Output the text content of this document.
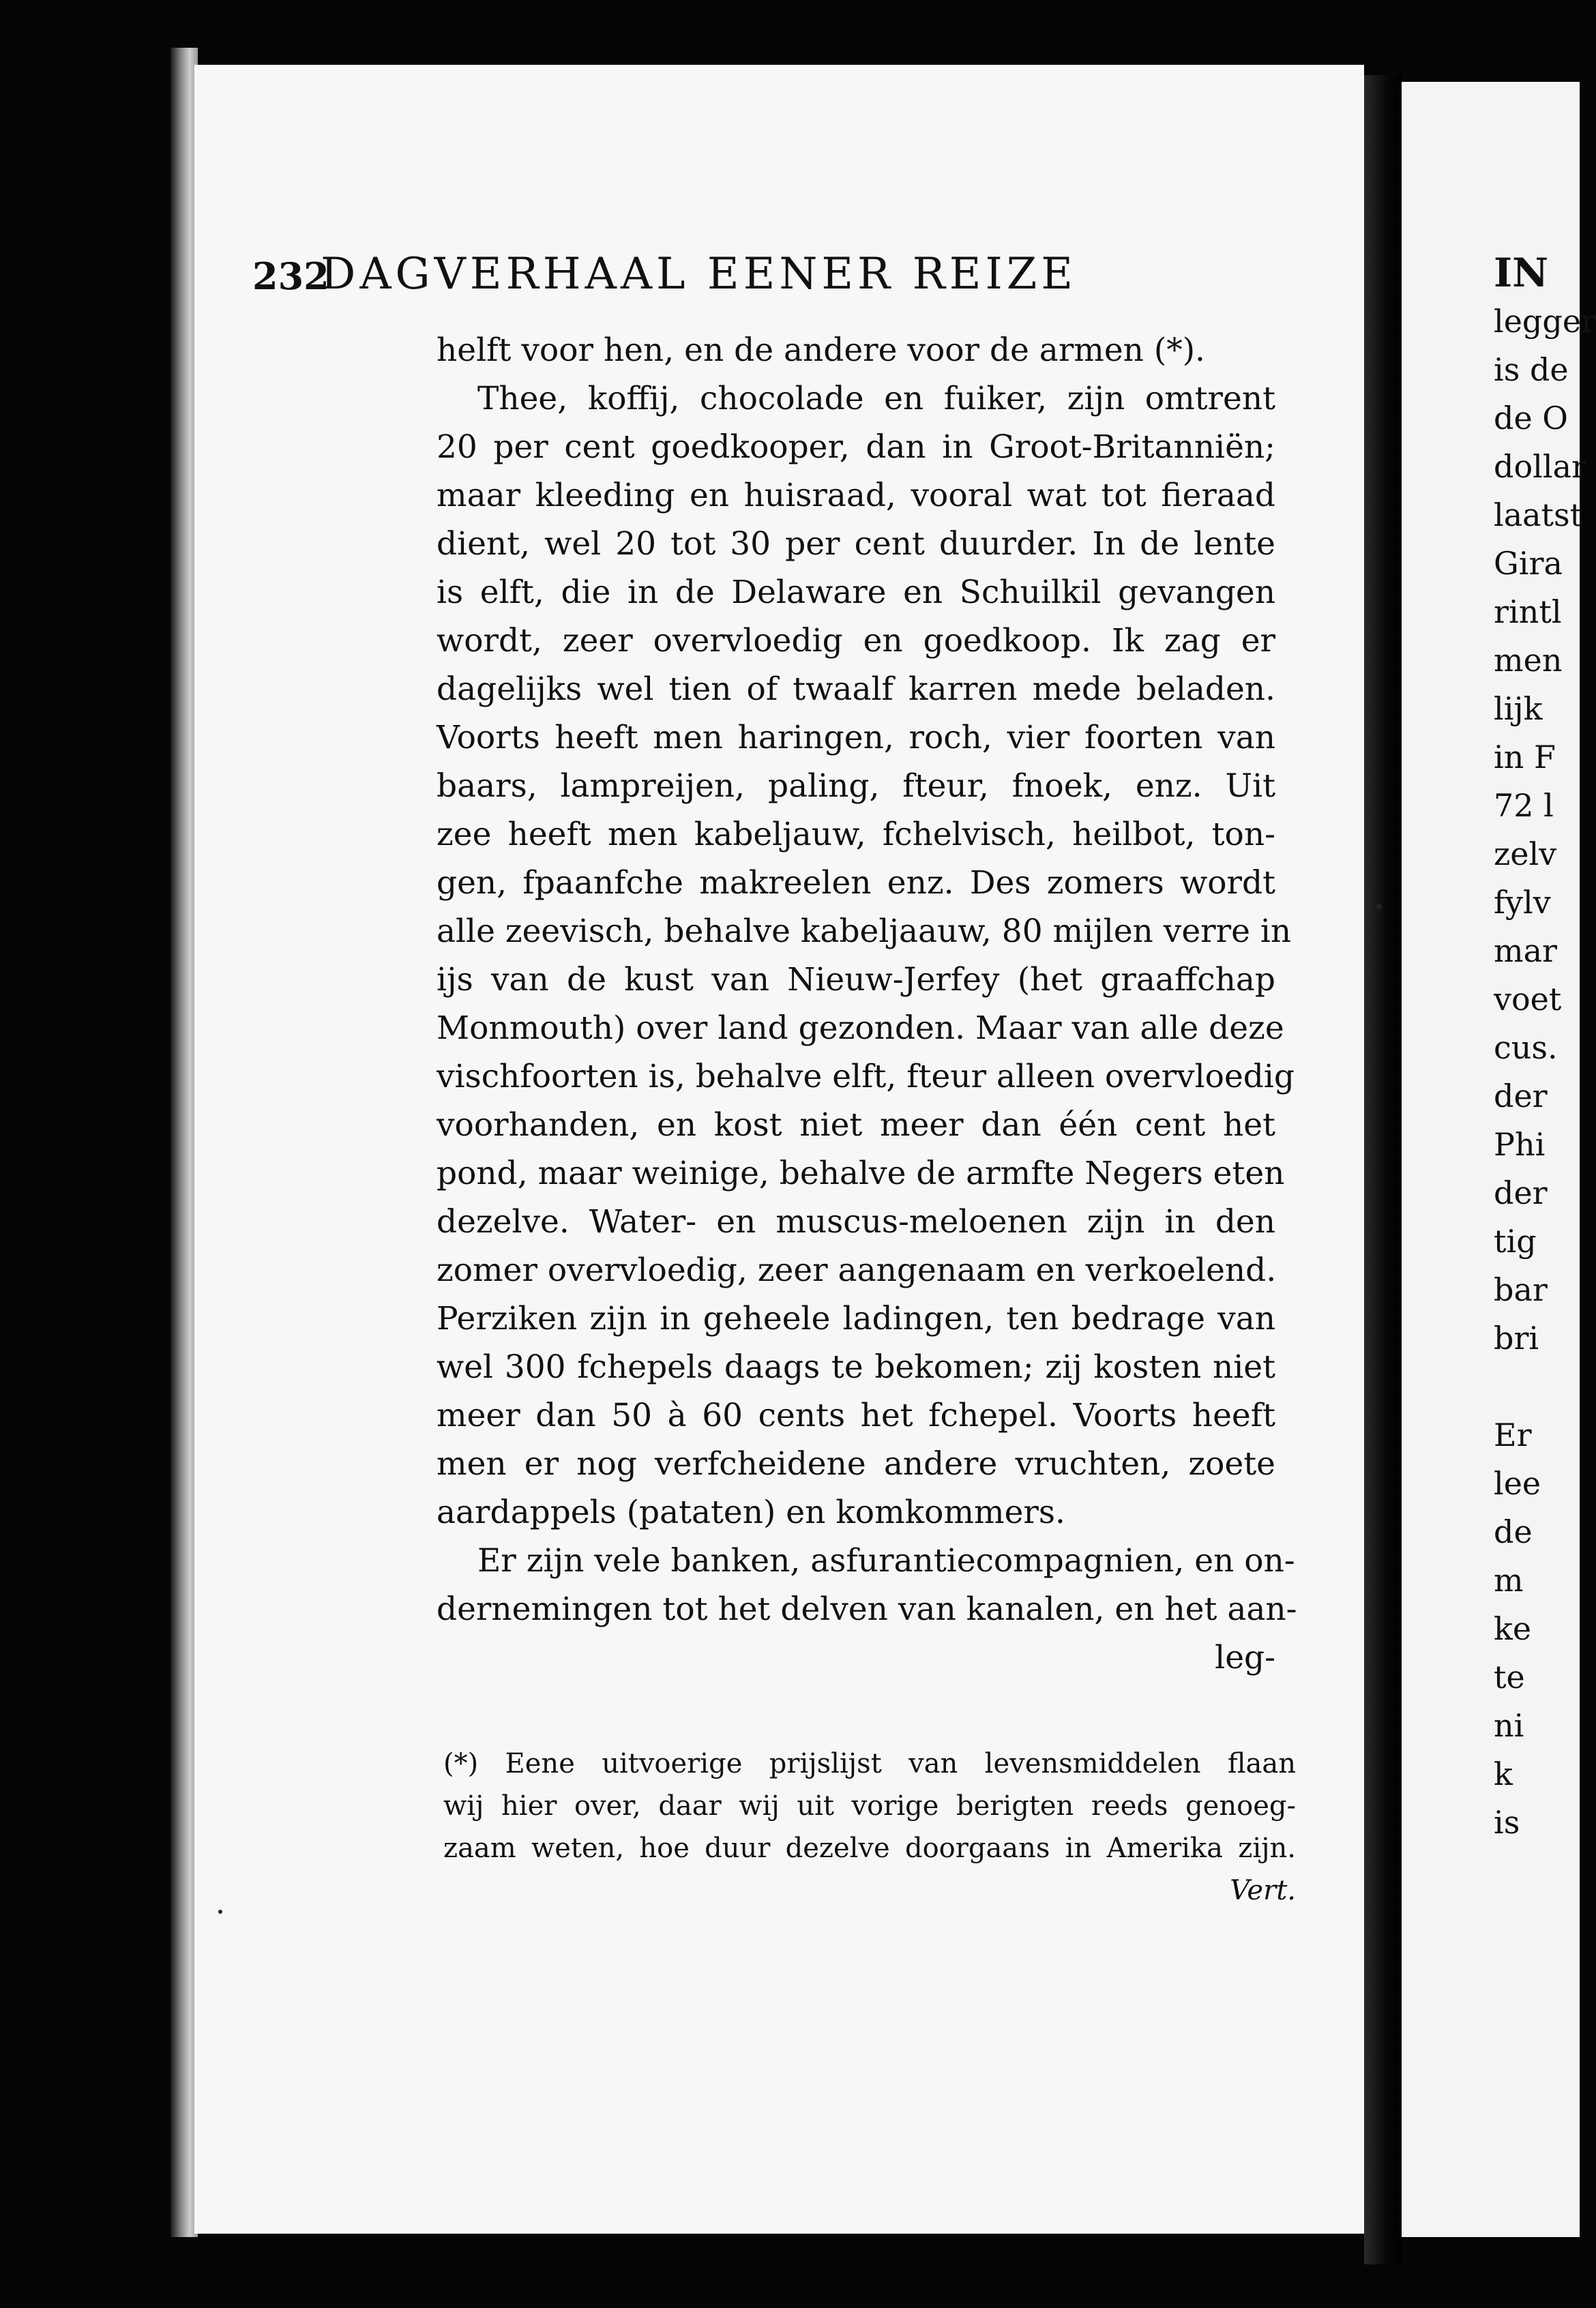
232
DAGVERHAAL EENER REIZE
helft voor hen, en de andere voor de armen (*).
Thee, koffij, chocolade en fuiker, zijn omtrent
20 per cent goedkooper, dan in Groot-Britanniën;
maar kleeding en huisraad, vooral wat tot fieraad
dient, wel 20 tot 30 per cent duurder. In de lente
is elft, die in de Delaware en Schuilkil gevangen
wordt, zeer overvloedig en goedkoop. Ik zag er
dagelijks wel tien of twaalf karren mede beladen.
Voorts heeft men haringen, roch, vier foorten van
baars, lampreijen, paling, fteur, fnoek, enz. Uit
zee heeft men kabeljauw, fchelvisch, heilbot, ton-
gen, fpaanfche makreelen enz. Des zomers wordt
alle zeevisch, behalve kabeljaauw, 80 mijlen verre in
ijs van de kust van Nieuw-Jerfey (het graaffchap
Monmouth) over land gezonden. Maar van alle deze
vischfoorten is, behalve elft, fteur alleen overvloedig
voorhanden, en kost niet meer dan één cent het
pond, maar weinige, behalve de armfte Negers eten
dezelve. Water- en muscus-meloenen zijn in den
zomer overvloedig, zeer aangenaam en verkoelend.
Perziken zijn in geheele ladingen, ten bedrage van
wel 300 fchepels daags te bekomen; zij kosten niet
meer dan 50 à 60 cents het fchepel. Voorts heeft
men er nog verfcheidene andere vruchten, zoete
aardappels (pataten) en komkommers.
Er zijn vele banken, asfurantiecompagnien, en on-
dernemingen tot het delven van kanalen, en het aan-
leg-
(*) Eene uitvoerige prijslijst van levensmiddelen flaan
wij hier over, daar wij uit vorige berigten reeds genoeg-
zaam weten, hoe duur dezelve doorgaans in Amerika zijn.
Vert.
IN
legger
is de
de O
dollar
laatst
Gira
rintl
men
lijk
in F
72 l
zelv
fylv
mar
voet
cus.
der
Phi
der
tig
bar
bri
Er
lee
de
m
ke
te
ni
k
is
